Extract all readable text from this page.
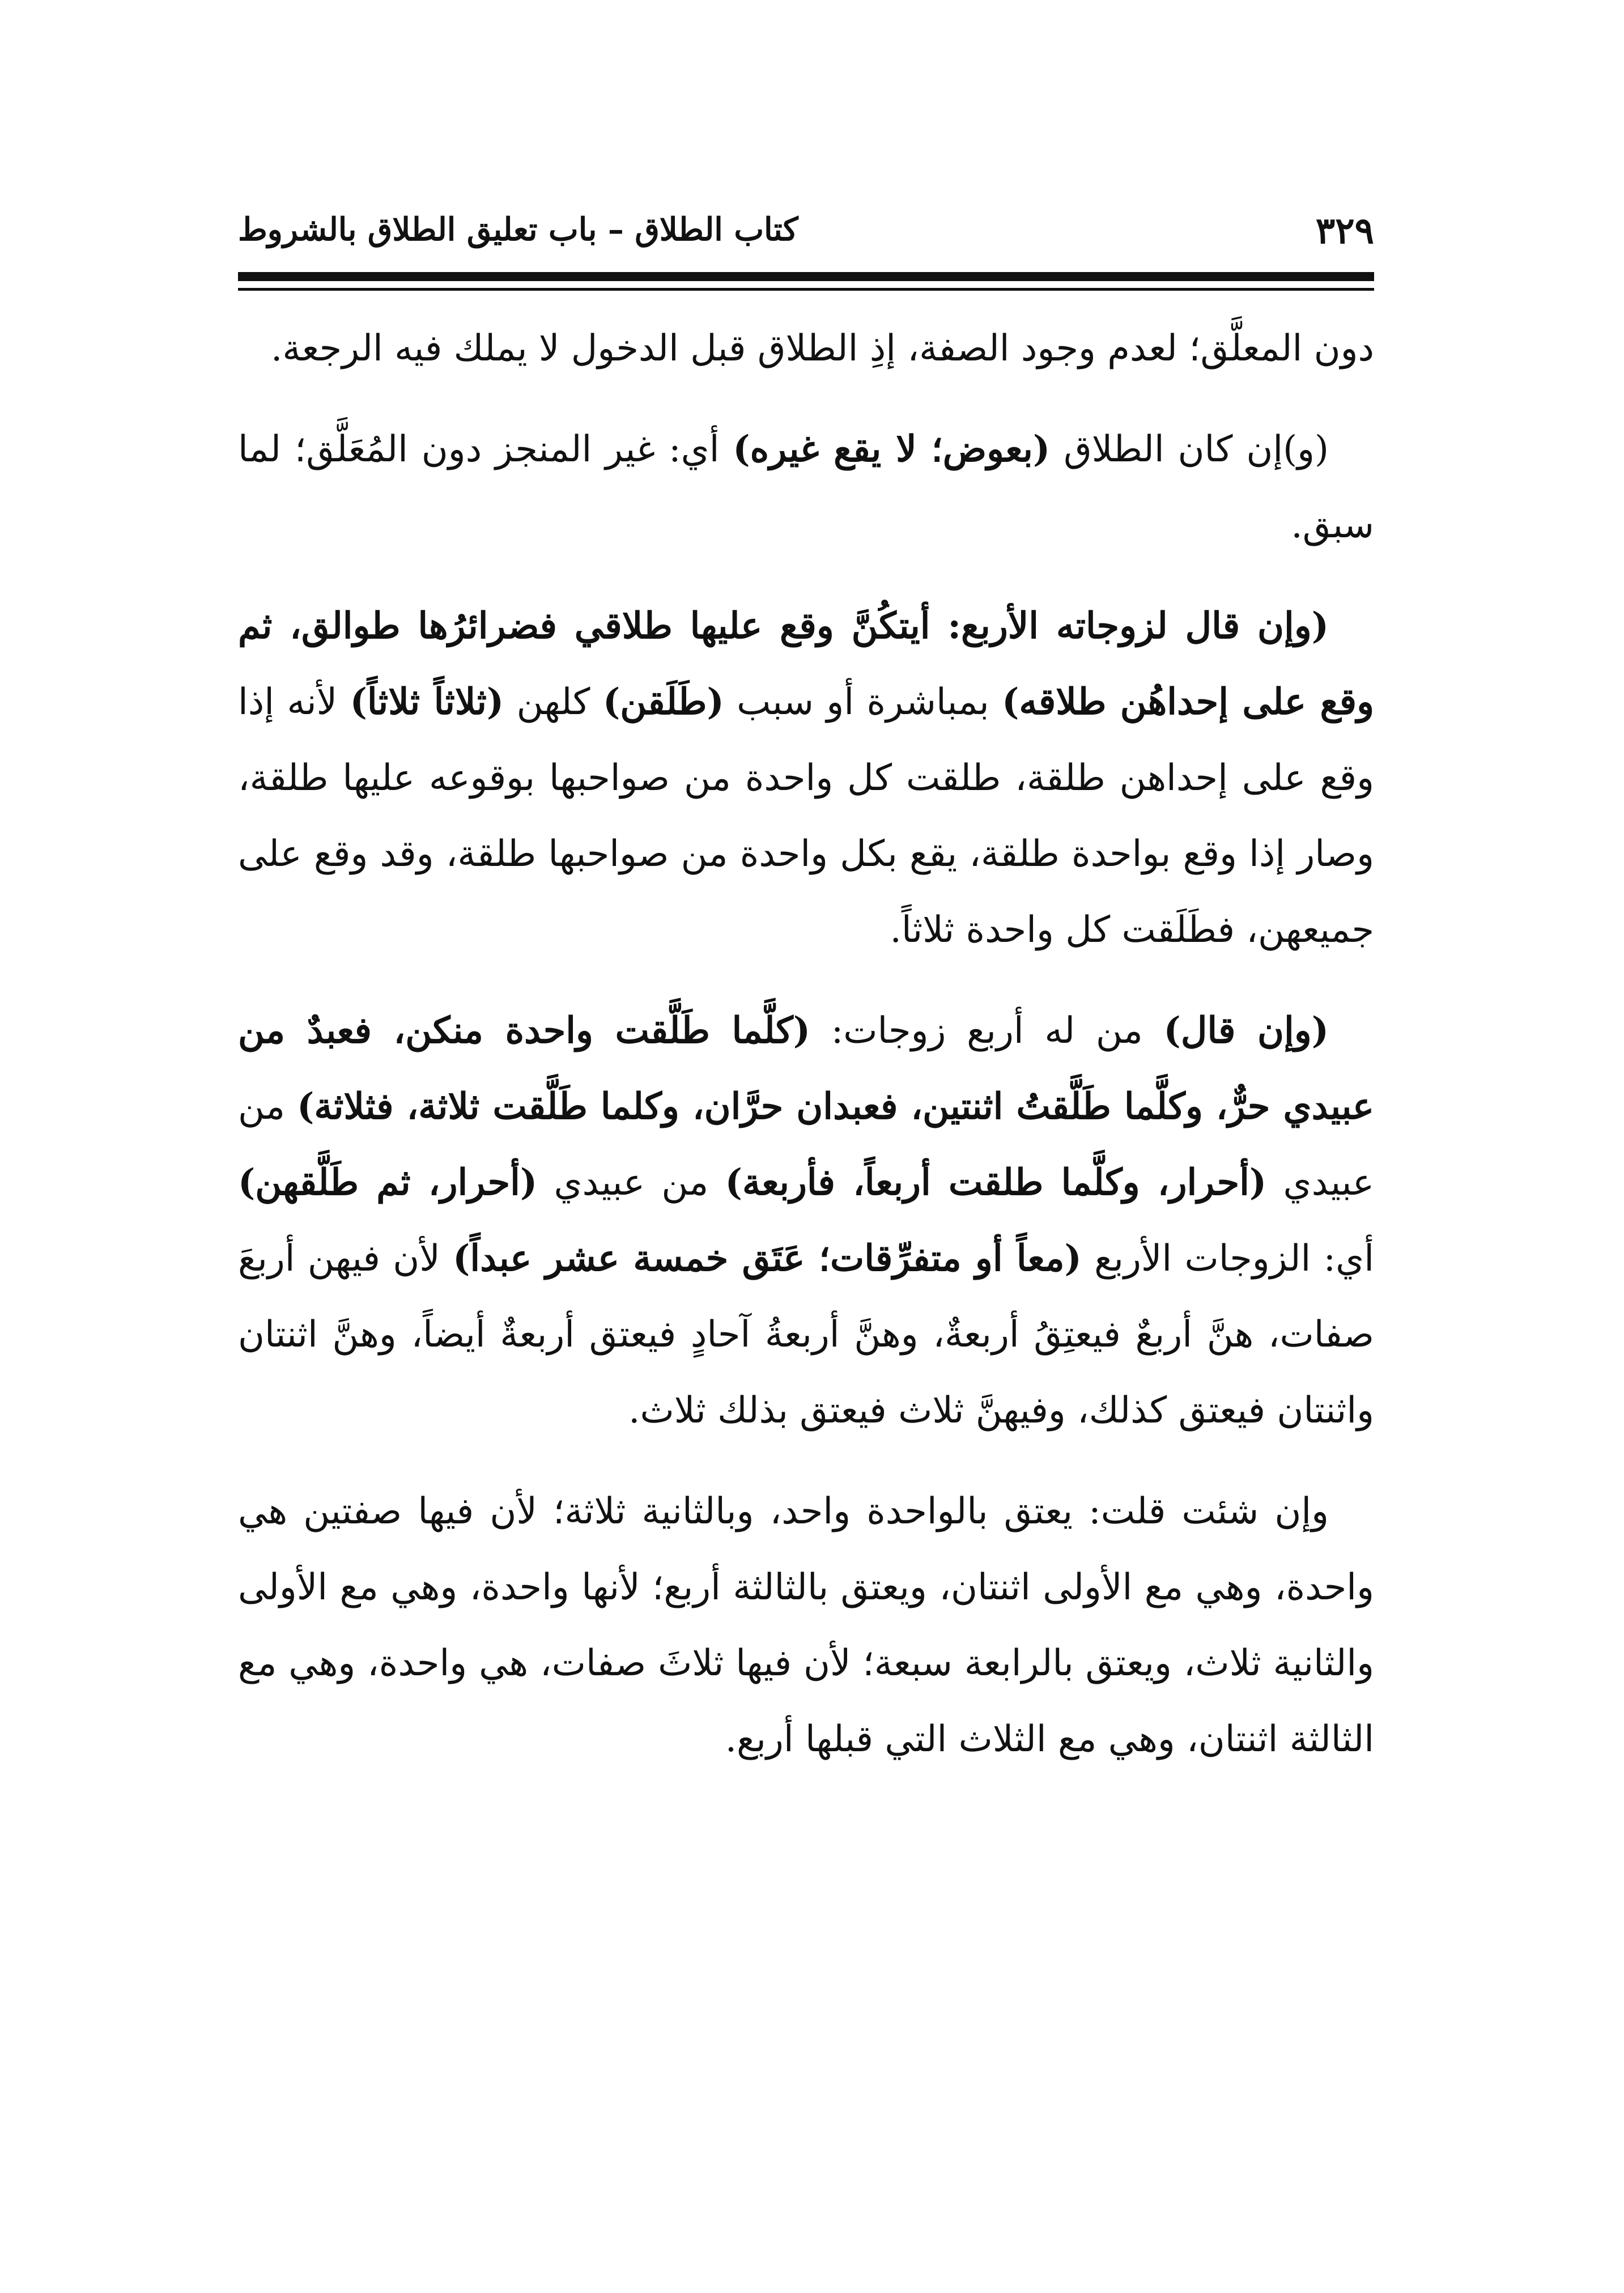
٣٢٩
كتاب الطلاق – باب تعليق الطلاق بالشروط

دون المعلَّق؛ لعدم وجود الصفة، إذِ الطلاق قبل الدخول لا يملك فيه الرجعة.

(و)إن كان الطلاق (بعوض؛ لا يقع غيره) أي: غير المنجز دون المُعَلَّق؛ لما سبق.

(وإن قال لزوجاته الأربع: أيتكُنَّ وقع عليها طلاقي فضرائرُها طوالق، ثم وقع على إحداهُن طلاقه) بمباشرة أو سبب (طَلَقن) كلهن (ثلاثاً ثلاثاً) لأنه إذا وقع على إحداهن طلقة، طلقت كل واحدة من صواحبها بوقوعه عليها طلقة، وصار إذا وقع بواحدة طلقة، يقع بكل واحدة من صواحبها طلقة، وقد وقع على جميعهن، فطَلَقت كل واحدة ثلاثاً.

(وإن قال) من له أربع زوجات: (كلَّما طَلَّقت واحدة منكن، فعبدٌ من عبيدي حرٌّ، وكلَّما طَلَّقتُ اثنتين، فعبدان حرَّان، وكلما طَلَّقت ثلاثة، فثلاثة) من عبيدي (أحرار، وكلَّما طلقت أربعاً، فأربعة) من عبيدي (أحرار، ثم طَلَّقهن) أي: الزوجات الأربع (معاً أو متفرِّقات؛ عَتَق خمسة عشر عبداً) لأن فيهن أربعَ صفات، هنَّ أربعٌ فيعتِقُ أربعةٌ، وهنَّ أربعةُ آحادٍ فيعتق أربعةٌ أيضاً، وهنَّ اثنتان واثنتان فيعتق كذلك، وفيهنَّ ثلاث فيعتق بذلك ثلاث.

وإن شئت قلت: يعتق بالواحدة واحد، وبالثانية ثلاثة؛ لأن فيها صفتين هي واحدة، وهي مع الأولى اثنتان، ويعتق بالثالثة أربع؛ لأنها واحدة، وهي مع الأولى والثانية ثلاث، ويعتق بالرابعة سبعة؛ لأن فيها ثلاثَ صفات، هي واحدة، وهي مع الثالثة اثنتان، وهي مع الثلاث التي قبلها أربع.
